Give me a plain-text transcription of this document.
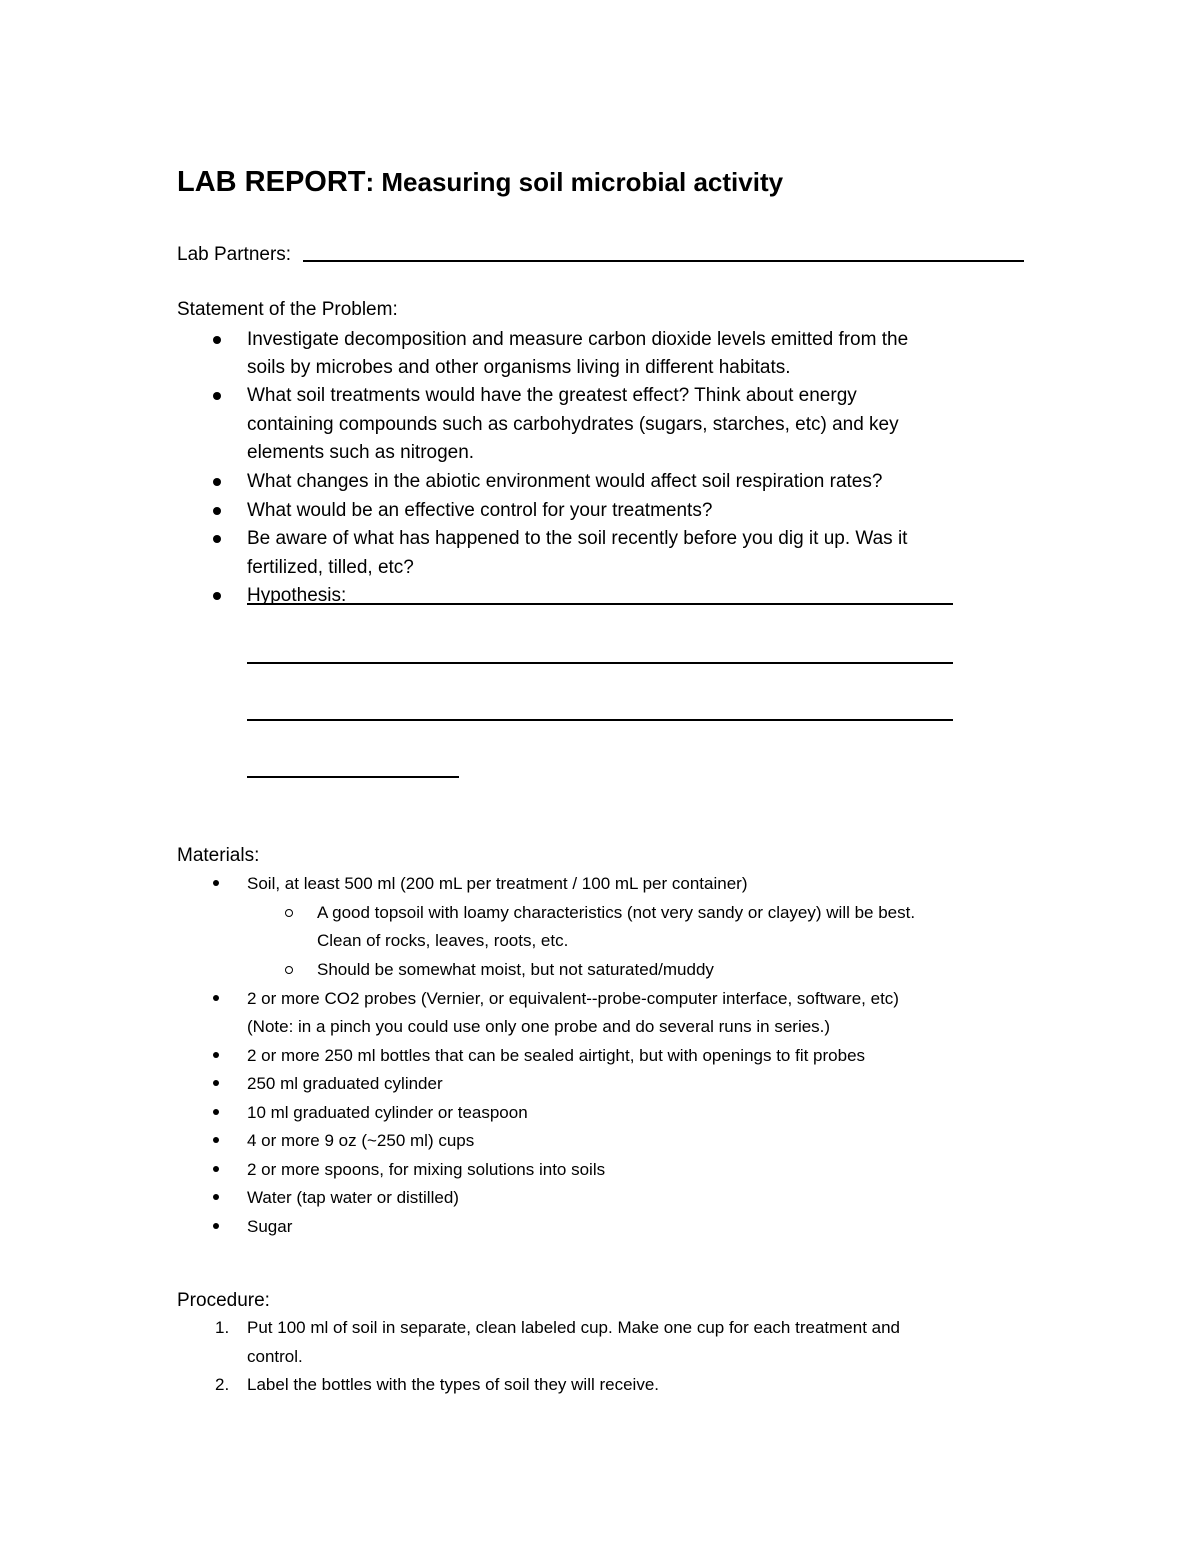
LAB REPORT: Measuring soil microbial activity
Lab Partners:
Statement of the Problem:
Investigate decomposition and measure carbon dioxide levels emitted from the
soils by microbes and other organisms living in different habitats.
What soil treatments would have the greatest effect? Think about energy
containing compounds such as carbohydrates (sugars, starches, etc) and key
elements such as nitrogen.
What changes in the abiotic environment would affect soil respiration rates?
What would be an effective control for your treatments?
Be aware of what has happened to the soil recently before you dig it up. Was it
fertilized, tilled, etc?
Hypothesis:
Materials:
Soil, at least 500 ml (200 mL per treatment / 100 mL per container)
A good topsoil with loamy characteristics (not very sandy or clayey) will be best.
Clean of rocks, leaves, roots, etc.
Should be somewhat moist, but not saturated/muddy
2 or more CO2 probes (Vernier, or equivalent--probe-computer interface, software, etc)
(Note: in a pinch you could use only one probe and do several runs in series.)
2 or more 250 ml bottles that can be sealed airtight, but with openings to fit probes
250 ml graduated cylinder
10 ml graduated cylinder or teaspoon
4 or more 9 oz (~250 ml) cups
2 or more spoons, for mixing solutions into soils
Water (tap water or distilled)
Sugar
Procedure:
1. Put 100 ml of soil in separate, clean labeled cup. Make one cup for each treatment and
control.
2. Label the bottles with the types of soil they will receive.
